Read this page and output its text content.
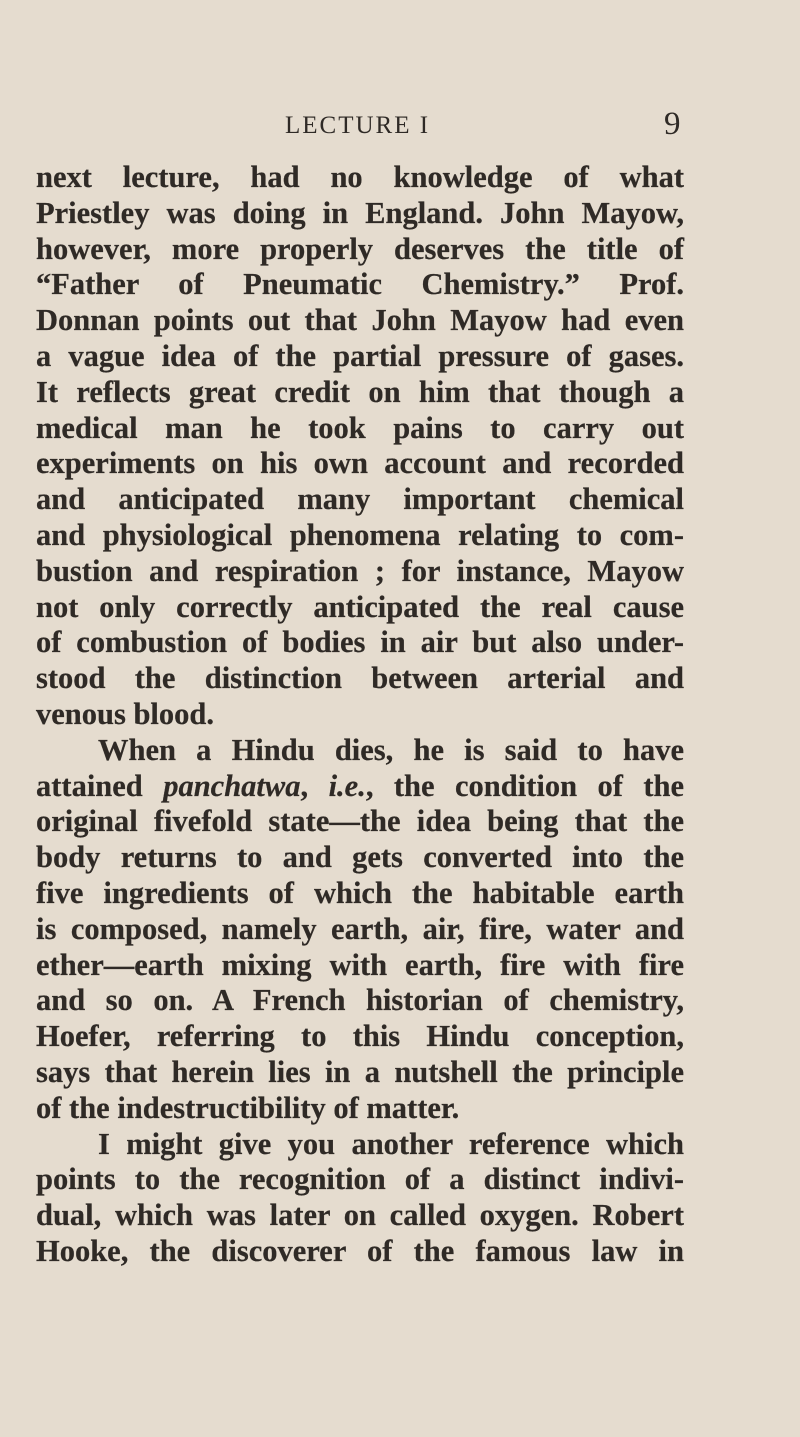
LECTURE I	9
next lecture, had no knowledge of what
Priestley was doing in England. John Mayow,
however, more properly deserves the title of
“Father of Pneumatic Chemistry.” Prof.
Donnan points out that John Mayow had even
a vague idea of the partial pressure of gases.
It reflects great credit on him that though a
medical man he took pains to carry out
experiments on his own account and recorded
and anticipated many important chemical
and physiological phenomena relating to com-
bustion and respiration ; for instance, Mayow
not only correctly anticipated the real cause
of combustion of bodies in air but also under-
stood the distinction between arterial and
venous blood.
When a Hindu dies, he is said to have
attained panchatwa, i.e., the condition of the
original fivefold state—the idea being that the
body returns to and gets converted into the
five ingredients of which the habitable earth
is composed, namely earth, air, fire, water and
ether—earth mixing with earth, fire with fire
and so on. A French historian of chemistry,
Hoefer, referring to this Hindu conception,
says that herein lies in a nutshell the principle
of the indestructibility of matter.
I might give you another reference which
points to the recognition of a distinct indivi-
dual, which was later on called oxygen. Robert
Hooke, the discoverer of the famous law in
